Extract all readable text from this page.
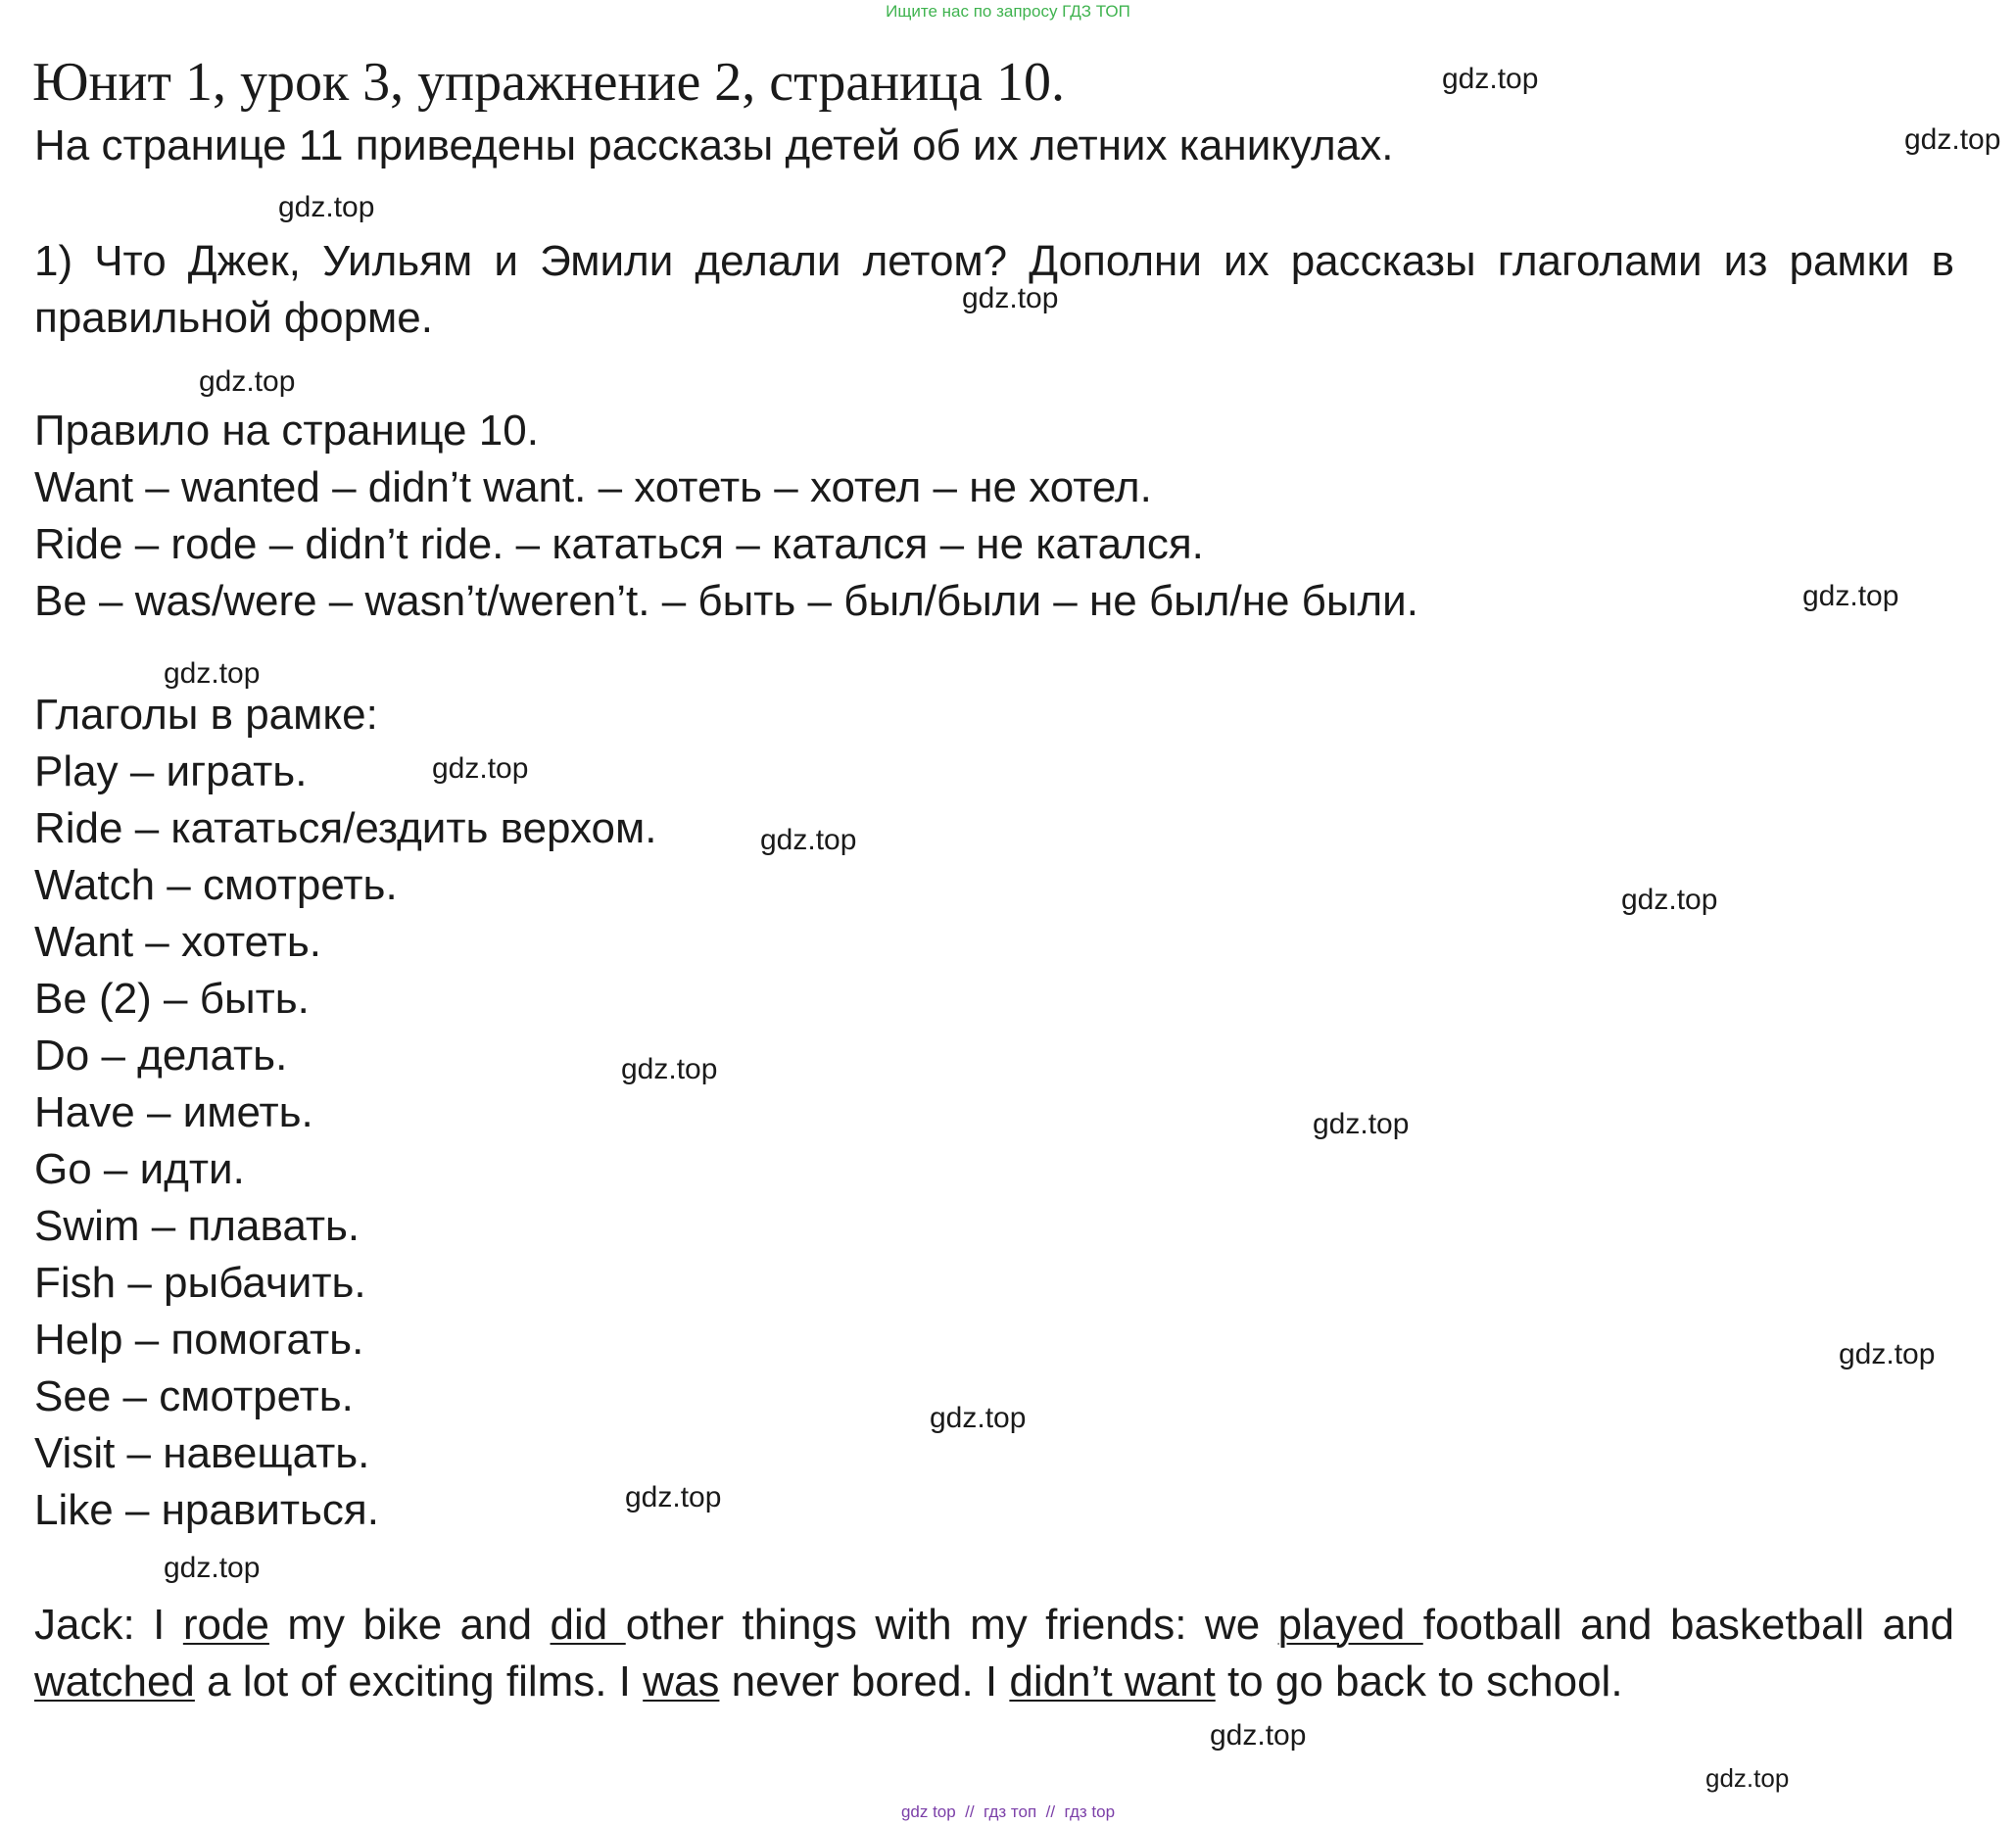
Ищите нас по запросу ГДЗ ТОП
Юнит 1, урок 3, упражнение 2, страница 10.

На странице 11 приведены рассказы детей об их летних каникулах.

1) Что Джек, Уильям и Эмили делали летом? Дополни их рассказы глаголами из рамки в правильной форме.

Правило на странице 10.

Want – wanted – didn’t want. – хотеть – хотел – не хотел.

Ride – rode – didn’t ride. – кататься – катался – не катался.

Be – was/were – wasn’t/weren’t. – быть – был/были – не был/не были.

Глаголы в рамке:

Play – играть.

Ride – кататься/ездить верхом.

Watch – смотреть.

Want – хотеть.

Be (2) – быть.

Do – делать.

Have – иметь.

Go – идти.

Swim – плавать.

Fish – рыбачить.

Help – помогать.

See – смотреть.

Visit – навещать.

Like – нравиться.

Jack: I rode my bike and did other things with my friends: we played football and basketball and watched a lot of exciting films. I was never bored. I didn’t want to go back to school.

gdz.top
gdz.top
gdz.top
gdz.top
gdz.top
gdz.top
gdz.top
gdz.top
gdz.top
gdz.top
gdz.top
gdz.top
gdz.top
gdz.top
gdz.top
gdz.top
gdz.top
gdz.top
gdz top  //  гдз топ  //  гдз top
